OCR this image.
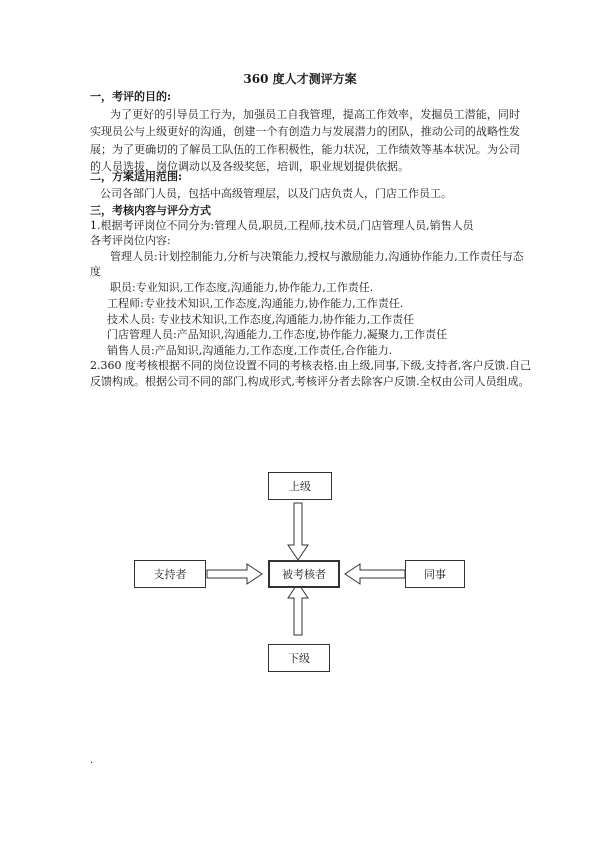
360 度人才测评方案
一，考评的目的:
为了更好的引导员工行为，加强员工自我管理，提高工作效率，发掘员工潜能，同时实现员公与上级更好的沟通，创建一个有创造力与发展潜力的团队，推动公司的战略性发展；为了更确切的了解员工队伍的工作积极性，能力状况，工作绩效等基本状况。为公司的人员选拔，岗位调动以及各级奖惩，培训，职业规划提供依据。
二，方案适用范围:
公司各部门人员，包括中高级管理层，以及门店负责人，门店工作员工。
三，考核内容与评分方式
1.根据考评岗位不同分为:管理人员,职员,工程师,技术员,门店管理人员,销售人员
各考评岗位内容:
管理人员:计划控制能力,分析与决策能力,授权与激励能力,沟通协作能力,工作责任与态
度
职员:专业知识,工作态度,沟通能力,协作能力,工作责任.
工程师:专业技术知识,工作态度,沟通能力,协作能力,工作责任.
技术人员: 专业技术知识,工作态度,沟通能力,协作能力,工作责任
门店管理人员:产品知识,沟通能力,工作态度,协作能力,凝聚力,工作责任
销售人员:产品知识,沟通能力,工作态度,工作责任,合作能力.
2.360 度考核根据不同的岗位设置不同的考核表格.由上级,同事,下级,支持者,客户反馈.自己
反馈构成。根据公司不同的部门,构成形式,考核评分者去除客户反馈.全权由公司人员组成。
上级
支持者	被考核者	同事
下级
.
